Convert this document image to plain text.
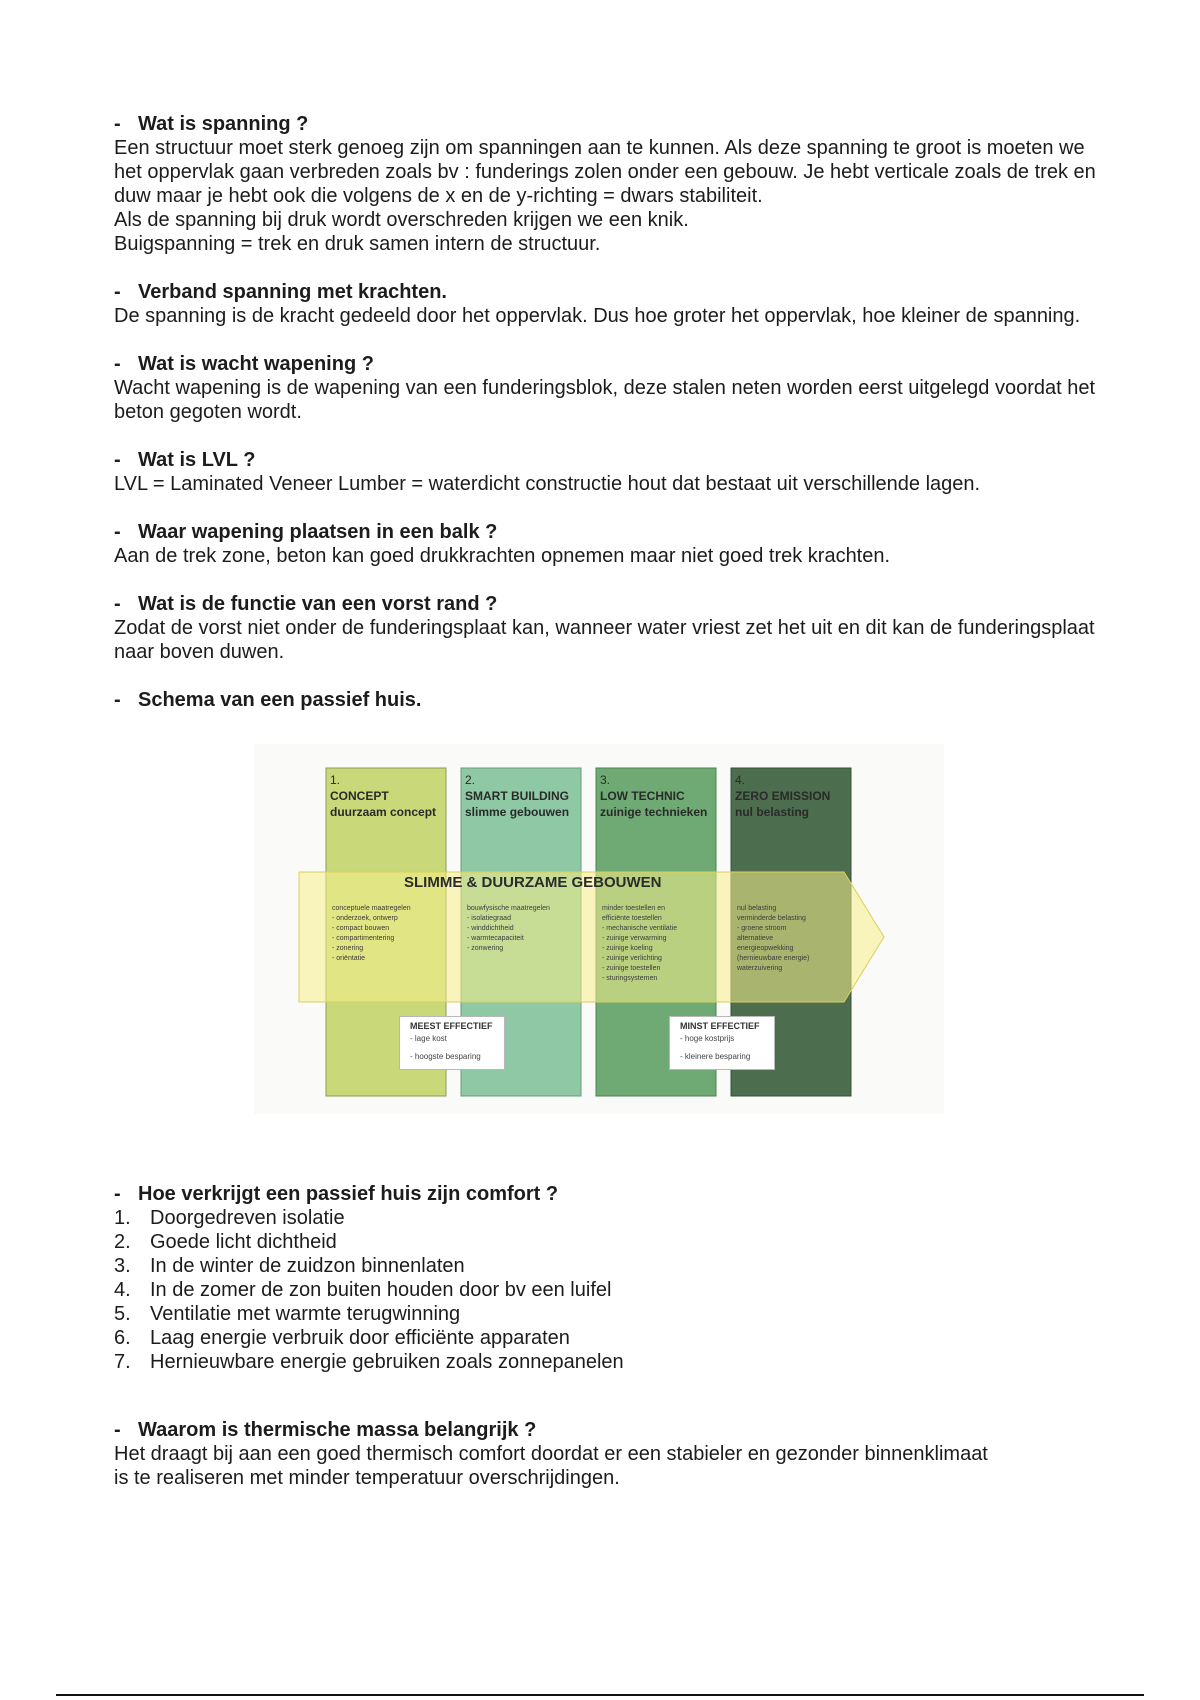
- Wat is spanning ?

Een structuur moet sterk genoeg zijn om spanningen aan te kunnen. Als deze spanning te groot is moeten we het oppervlak gaan verbreden zoals bv : funderings zolen onder een gebouw. Je hebt verticale zoals de trek en duw maar je hebt ook die volgens de x en de y-richting = dwars stabiliteit.

Als de spanning bij druk wordt overschreden krijgen we een knik.

Buigspanning = trek en druk samen intern de structuur.

- Verband spanning met krachten.

De spanning is de kracht gedeeld door het oppervlak. Dus hoe groter het oppervlak, hoe kleiner de spanning.

- Wat is wacht wapening ?

Wacht wapening is de wapening van een funderingsblok, deze stalen neten worden eerst uitgelegd voordat het beton gegoten wordt.

- Wat is LVL ?

LVL = Laminated Veneer Lumber = waterdicht constructie hout dat bestaat uit verschillende lagen.

- Waar wapening plaatsen in een balk ?

Aan de trek zone, beton kan goed drukkrachten opnemen maar niet goed trek krachten.

- Wat is de functie van een vorst rand ?

Zodat de vorst niet onder de funderingsplaat kan, wanneer water vriest zet het uit en dit kan de funderingsplaat naar boven duwen.

- Schema van een passief huis.

1.
CONCEPT
duurzaam concept
2.
SMART BUILDING
slimme gebouwen
3.
LOW TECHNIC
zuinige technieken
4.
ZERO EMISSION
nul belasting
SLIMME & DUURZAME GEBOUWEN
conceptuele maatregelen
- onderzoek, ontwerp
- compact bouwen
- compartimentering
- zonering
- oriëntatie
bouwfysische maatregelen
- isolatiegraad
- winddichtheid
- warmtecapaciteit
- zonwering
minder toestellen en
efficiënte toestellen
- mechanische ventilatie
- zuinige verwarming
- zuinige koeling
- zuinige verlichting
- zuinige toestellen
- sturingsystemen
nul belasting
verminderde belasting
- groene stroom
alternatieve
energieopwekking
(hernieuwbare energie)
waterzuivering
MEEST EFFECTIEF
- lage kost
- hoogste besparing
MINST EFFECTIEF
- hoge kostprijs
- kleinere besparing

- Hoe verkrijgt een passief huis zijn comfort ?

1. Doorgedreven isolatie
2. Goede licht dichtheid
3. In de winter de zuidzon binnenlaten
4. In de zomer de zon buiten houden door bv een luifel
5. Ventilatie met warmte terugwinning
6. Laag energie verbruik door efficiënte apparaten
7. Hernieuwbare energie gebruiken zoals zonnepanelen

- Waarom is thermische massa belangrijk ?

Het draagt bij aan een goed thermisch comfort doordat er een stabieler en gezonder binnenklimaat is te realiseren met minder temperatuur overschrijdingen.
